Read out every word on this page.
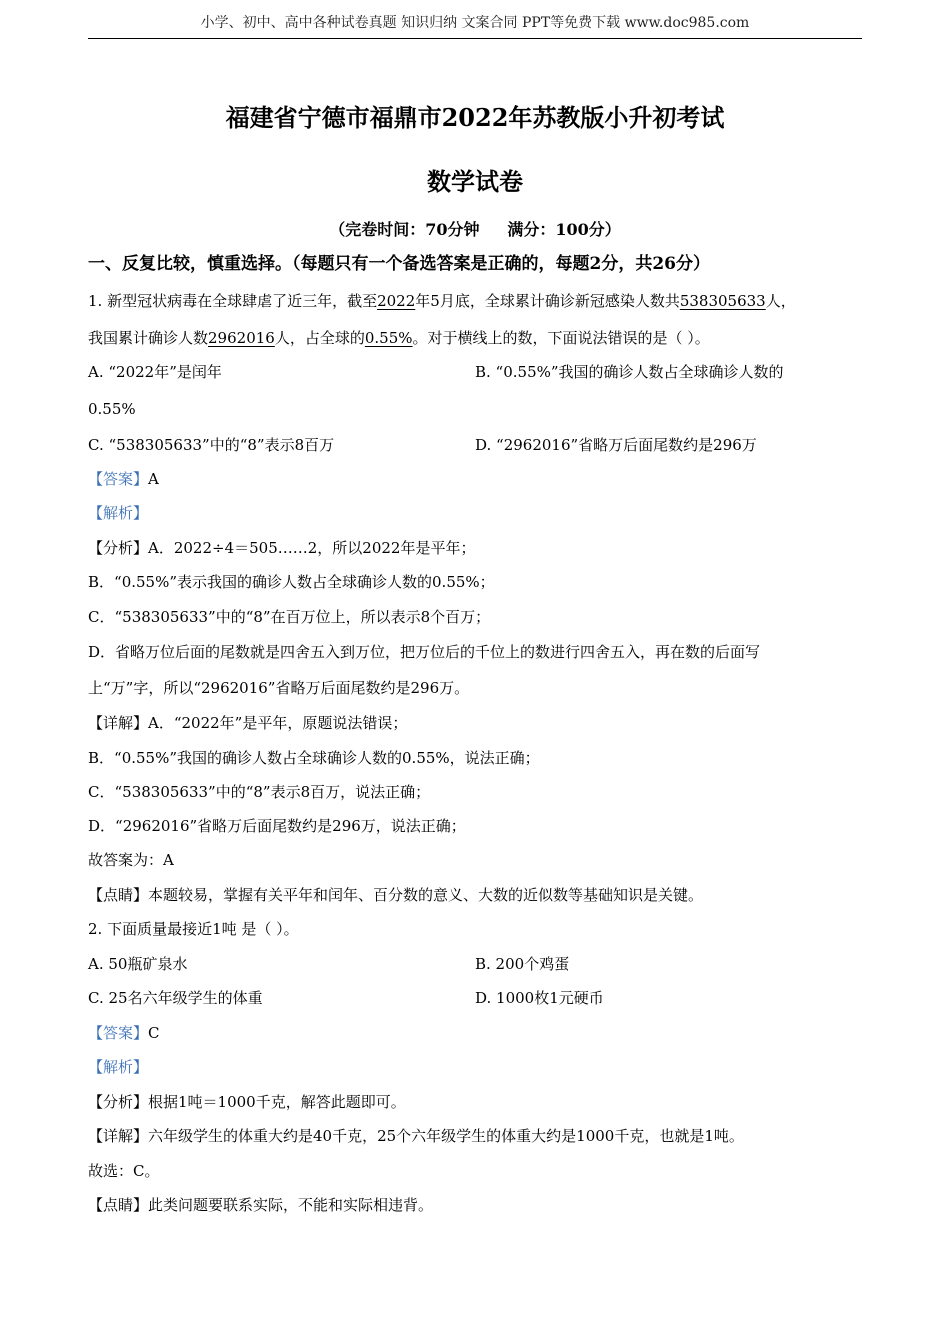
小学、初中、高中各种试卷真题 知识归纳 文案合同 PPT等免费下载 www.doc985.com
福建省宁德市福鼎市2022年苏教版小升初考试
数学试卷
（完卷时间：70分钟     满分：100分）
一、反复比较，慎重选择。（每题只有一个备选答案是正确的，每题2分，共26分）
1. 新型冠状病毒在全球肆虐了近三年，截至2022年5月底，全球累计确诊新冠感染人数共538305633人，
我国累计确诊人数2962016人，占全球的0.55%。对于横线上的数，下面说法错误的是（ ）。
A. “2022年”是闰年	B. “0.55%”我国的确诊人数占全球确诊人数的
0.55%
C. “538305633”中的“8”表示8百万	D. “2962016”省略万后面尾数约是296万
【答案】A
【解析】
【分析】A．2022÷4＝505……2，所以2022年是平年；
B．“0.55%”表示我国的确诊人数占全球确诊人数的0.55%；
C．“538305633”中的“8”在百万位上，所以表示8个百万；
D．省略万位后面的尾数就是四舍五入到万位，把万位后的千位上的数进行四舍五入，再在数的后面写
上“万”字，所以“2962016”省略万后面尾数约是296万。
【详解】A．“2022年”是平年，原题说法错误；
B．“0.55%”我国的确诊人数占全球确诊人数的0.55%，说法正确；
C．“538305633”中的“8”表示8百万，说法正确；
D．“2962016”省略万后面尾数约是296万，说法正确；
故答案为：A
【点睛】本题较易，掌握有关平年和闰年、百分数的意义、大数的近似数等基础知识是关键。
2. 下面质量最接近1吨 是（ ）。
A. 50瓶矿泉水	B. 200个鸡蛋
C. 25名六年级学生的体重	D. 1000枚1元硬币
【答案】C
【解析】
【分析】根据1吨＝1000千克，解答此题即可。
【详解】六年级学生的体重大约是40千克，25个六年级学生的体重大约是1000千克，也就是1吨。
故选：C。
【点睛】此类问题要联系实际，不能和实际相违背。
